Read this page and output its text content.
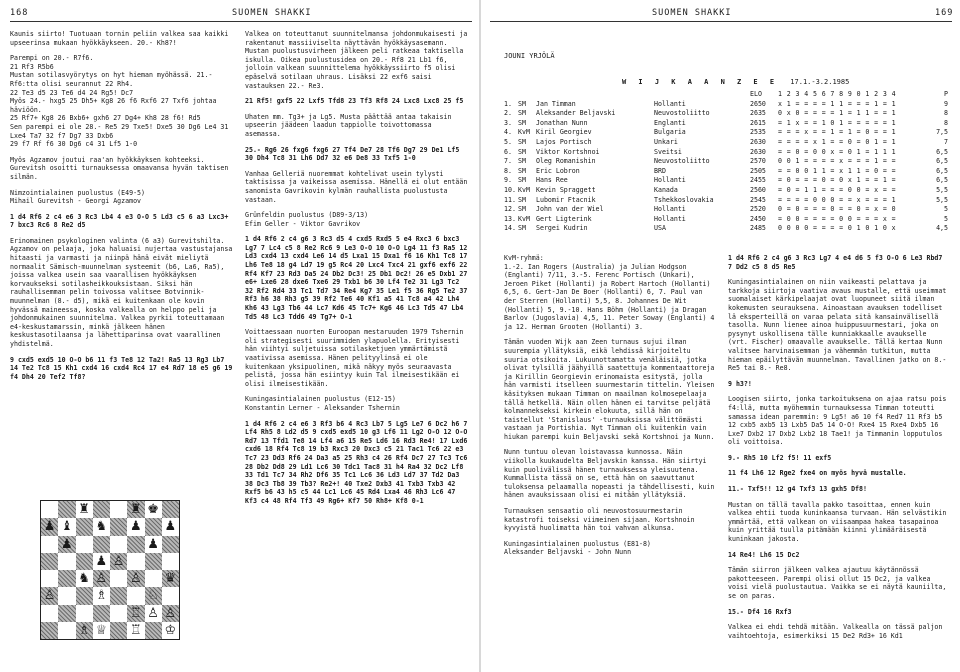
168	SUOMEN SHAKKI

Kaunis siirto! Tuotuaan tornin peliin valkea saa kaikki upseerinsa mukaan hyökkäykseen. 20.- Kh8?!

Parempi on 20.- R7f6.
21 Rf3 R5b6
Mustan sotilasvyörytys on hyt hieman myöhässä. 21.- Rf6:tta olisi seurannut 22 Rh4.
22 Te3 d5 23 Te6 d4 24 Rg5! Dc7
Myös 24.- hxg5 25 Dh5+ Kg8 26 f6 Rxf6 27 Txf6 johtaa häviöön.
25 Rf7+ Kg8 26 Bxb6+ gxh6 27 Dg4+ Kh8 28 f6! Rd5
Sen parempi ei ole 28.- Re5 29 Txe5! Dxe5 30 Dg6 Le4 31 Lxe4 Ta7 32 f7 Dg7 33 Dxb6
29 f7 Rf f6 30 Dg6 c4 31 Lf5 1-0

Myös Agzamov joutui raa'an hyökkäyksen kohteeksi. Gurevitsh osoitti turnauksessa omaavansa hyvän taktisen silmän.

Nimzointialainen puolustus (E49-5)
Mihail Gurevitsh - Georgi Agzamov

1 d4 Rf6 2 c4 e6 3 Rc3 Lb4 4 e3 O-O 5 Ld3 c5 6 a3 Lxc3+ 7 bxc3 Rc6 8 Re2 d5

Erinomainen psykologinen valinta (6 a3) Gurevitshilta. Agzamov on pelaaja, joka haluaisi nujertaa vastustajansa hitaasti ja varmasti ja niinpä hänä eivät mieliytä normaalit Sämisch-muunnelman systeemit (b6, La6, Ra5), joissa valkea usein saa vaarallisen hyökkäyksen korvaukseksi sotilasheikkouksistaan. Siksi hän rauhallisemman pelin toivossa valitsee Botvinnik-muunnelman (8.- d5), mikä ei kuitenkaan ole kovin hyvässä maineessa, koska valkealla on helppo peli ja johdonmukainen suunnitelma. Valkea pyrkii toteuttamaan e4-keskustamarssin, minkä jälkeen hänen keskustasotilaansa ja lähettiparinsa ovat vaarallinen yhdistelmä.

9 cxd5 exd5 10 O-O b6 11 f3 Te8 12 Ta2! Ra5 13 Rg3 Lb7 14 Te2 Tc8 15 Kh1 cxd4 16 cxd4 Rc4 17 e4 Rd7 18 e5 g6 19 f4 Dh4 20 Tef2 Tf8?

Valkea on toteuttanut suunnitelmansa johdonmukaisesti ja rakentanut massiiviselta näyttävän hyökkäysasemann. Mustan puolustusvirheen jälkeen peli ratkeaa taktisella iskulla. Oikea puolustusidea on 20.- Rf8 21 Lb1 f6, jolloin valkean suunnittelema hyökkäyssiirto f5 olisi epäselvä sotilaan uhraus. Lisäksi 22 exf6 saisi vastauksen 22.- Re3.

21 Rf5! gxf5 22 Lxf5 Tfd8 23 Tf3 Rf8 24 Lxc8 Lxc8 25 f5

Uhaten mm. Tg3+ ja Lg5. Musta päättää antaa takaisin upseerin jäädeen laadun tappiolle toivottomassa asemassa.

25.- Rg6 26 fxg6 fxg6 27 Tf4 De7 28 Tf6 Dg7 29 De1 Lf5 30 Dh4 Tc8 31 Lh6 Dd7 32 e6 De8 33 Txf5 1-0

Vanhaa Gelleriä nuoremmat kohtelivat usein tylysti taktisissa ja vaikeissa asemissa. Hänellä ei olut entään sanomista Gavrikovin kylmän rauhallista puolustusta vastaan.

Grünfeldin puolustus (D89-3/13)
Efim Geller - Viktor Gavrikov

1 d4 Rf6 2 c4 g6 3 Rc3 d5 4 cxd5 Rxd5 5 e4 Rxc3 6 bxc3 Lg7 7 Lc4 c5 8 Re2 Rc6 9 Le3 O-O 10 O-O Lg4 11 f3 Ra5 12 Ld3 cxd4 13 cxd4 Le6 14 d5 Lxa1 15 Dxa1 f6 16 Kh1 Tc8 17 Lh6 Te8 18 g4 Ld7 19 g5 Rc4 20 Lxc4 Txc4 21 gxf6 exf6 22 Rf4 Kf7 23 Rd3 Da5 24 Db2 Dc3! 25 Db1 Dc2! 26 e5 Dxb1 27 e6+ Lxe6 28 dxe6 Txe6 29 Txb1 b6 30 Lf4 Te2 31 Lg3 Tc2 32 Rf2 Rd4 33 Tc1 Td7 34 Re4 Kg7 35 Le1 f5 36 Rg5 Te2 37 Rf3 h6 38 Rh3 g5 39 Rf2 Te6 40 Kf1 a5 41 Tc8 a4 42 Lh4 Kh6 43 Lg3 Tb6 44 Lc7 Kd6 45 Tc7+ Kg6 46 Lc3 Td5 47 Lb4 Td5 48 Lc3 Tdd6 49 Tg7+ O-1

Voittaessaan nuorten Euroopan mestaruuden 1979 Tshernin oli strategisesti suurimmiden ylapuolella. Erityisesti hän viihtyi suljetuissa sotilasketjuen ymmärtämistä vaativissa asemissa. Hänen pelityylinsä ei ole kuitenkaan yksipuolinen, mikä näkyy myös seuraavasta pelistä, jossa hän esiintyy kuin Tal ilmeisestikään ei olisi ilmeisestikään.

Kuningasintialainen puolustus (E12-15)
Konstantin Lerner - Aleksander Tshernin

1 d4 Rf6 2 c4 e6 3 Rf3 b6 4 Rc3 Lb7 5 Lg5 Le7 6 Dc2 h6 7 Lf4 Rh5 8 Ld2 d5 9 cxd5 exd5 10 g3 Lf6 11 Lg2 O-O 12 O-O Rd7 13 Tfd1 Te8 14 Lf4 a6 15 Re5 Ld6 16 Rd3 Re4! 17 Lxd6 cxd6 18 Rf4 Tc8 19 b3 Rxc3 20 Dxc3 c5 21 Tac1 Tc6 22 e3 Tc7 23 Dd3 Rf6 24 Da3 a5 25 Rh3 c4 26 Rf4 Dc7 27 Tc3 Tc6 28 Db2 Dd8 29 Ld1 Lc6 30 Tdc1 Tac8 31 h4 Ra4 32 Dc2 Lf8 33 Td1 Tc7 34 Rh2 Df6 35 Tc1 Lc6 36 Ld3 Ld7 37 Td2 Da3 38 Dc3 Tb8 39 Tb3? Re2+! 40 Txe2 Dxb3 41 Txb3 Txb3 42 Rxf5 b6 43 h5 c5 44 Lc1 Lc6 45 Rd4 Lxa4 46 Rh3 Lc6 47 Kf3 c4 48 Rf4 Tf3 49 Rg6+ Kf7 50 Rh8+ Kf8 0-1

♜	♜ ♚
♟ ♝ ♞ ♟ ♟
♟	♟
♟ ♙
♞ ♙ ♙ ♛
♙	♗	♘
♖ ♙ ♙
♗ ♕ ♖ ♔
SUOMEN SHAKKI	169
JOUNI YRJÖLÄ
W I J K A A N Z E E 17.1.-3.2.1985
ELO	1 2 3 4 5 6 7 8 9 0 1 2 3 4	P
1. SM	Jan Timman	Hollanti	2650	x 1 = = = = 1 1 = = = 1 = 1	9
2. SM	Aleksander Beljavski	Neuvostoliitto	2635	0 x 0 = = = = 1 = 1 1 = = 1	8
3. SM	Jonathan Nunn	Englanti	2615	= 1 x = = 1 0 1 = = = = = 1	8
4. KvM Kiril Georgiev	Bulgaria	2535	= = = x = = 1 = 1 = 0 = = 1	7,5
5. SM	Lajos Portisch	Unkari	2630	= = = = x 1 = = 0 = 0 1 = 1	7
6. SM	Viktor Kortshnoi	Sveitsi	2630	= = 0 = 0 0 x = 0 1 = 1 1 1	6,5
7. SM	Oleg Romanishin	Neuvostoliitto	2570	0 0 1 = = = = x = = = 1 = =	6,5
8. SM	Eric Lobron	BRD	2505	= = 0 0 1 1 = x 1 1 = 0 = =	6,5
9. SM	Hans Ree	Hollanti	2455	= 0 = = = 0 = 0 x 1 = = 1 =	6,5
10. KvM Kevin Spraggett	Kanada	2560	= 0 = 1 1 = = = 0 0 = x = =	5,5
11. SM	Lubomir Ftacnik	Tshekkoslovakia	2545	= = = = 0 0 0 = = x = = = 1	5,5
12. SM	John van der Wiel	Hollanti	2520	0 = 0 = = = 0 = = 0 = x = 0	5
13. KvM Gert Ligterink	Hollanti	2450	= 0 0 = = = = 0 0 = = = x =	5
14. SM	Sergei Kudrin	USA	2485	0 0 0 0 = = = = 0 1 0 1 0 x	4,5

KvM-ryhmä:
1.-2. Ian Rogers (Australia) ja Julian Hodgson (Englanti) 7/11, 3.-5. Ferenc Portisch (Unkari), Jeroen Piket (Hollanti) ja Robert Hartoch (Hollanti) 6,5, 6. Gert-Jan De Boer (Hollanti) 6, 7. Paul van der Sterren (Hollanti) 5,5, 8. Johannes De Wit (Hollanti) 5, 9.-10. Hans Böhm (Hollanti) ja Dragan Barlov (Jugoslavia) 4,5, 11. Peter Soway (Englanti) 4 ja 12. Herman Grooten (Hollanti) 3.

Tämän vuoden Wijk aan Zeen turnaus sujui ilman suurempia yllätyksiä, eikä lehdissä kirjoiteltu suuria otsikoita. Lukuunottamatta venäläisiä, jotka olivat tylsillä jäähyillä saatettuja kommentaattoreja ja Kirillin Georgievin erinomaista esitystä, jolla hän varmisti itselleen suurmestarin tittelin. Yleisen käsityksen mukaan Timman on maailman kolmosepelaaja tällä hetkellä. Näin ollen hänen ei tarvitse peljätä kolmannekseksi kirkein elokuuta, sillä hän on taistellut 'Stanislaus' -turnauksissa välittömästi vastaan ja Portishia. Nyt Timman oli kuitenkin vain hiukan parempi kuin Beljavski sekä Kortshnoi ja Nunn.

Nunn tuntuu olevan loistavassa kunnossa. Näin viikolla kuukaudelta Beljavskin kanssa. Hän siirtyi kuin puolivälissä hänen turnauksessa yleisuutena. Kummallista tässä on se, että hän on saavuttanut tuloksensa pelaamalla nopeasti ja tähdellisesti, kuin hänen avauksissaan olisi ei mitään yllätyksiä.

Turnauksen sensaatio oli neuvostosuurmestarin katastrofi toiseksi viimeinen sijaan. Kortshnoin kyvyistä huolimatta hän toi vahvan alkunsa.

Kuningasintialainen puolustus (E81-8)
Aleksander Beljavski - John Nunn

1 d4 Rf6 2 c4 g6 3 Rc3 Lg7 4 e4 d6 5 f3 O-O 6 Le3 Rbd7 7 Dd2 c5 8 d5 Re5

Kuningasintialainen on niin vaikeasti pelattava ja tarkkoja siirtoja vaativa avaus mustalle, että useimmat suomalaiset kärkipelaajat ovat luopuneet siitä ilman kokemusten seurauksena. Ainoastaan avauksen todelliset lä eksperteillä on varaa pelata sitä kansainvälisellä tasolla. Nunn lienee ainoa huippusuurmestari, joka on pysynyt uskollisena tälle kunniakkaalle avaukselle (vrt. Fischer) omaavalle avaukselle. Tällä kertaa Nunn valitsee harvinaisemman ja vähemmän tutkitun, mutta hieman epäilyttävän muunnelman. Tavallinen jatko on 8.- Re5 tai 8.- Re8.

9 h3?!

Loogisen siirto, jonka tarkoituksena on ajaa ratsu pois f4:llä, mutta myöhemmin turnauksessa Timman toteutti samassa idean paremmin: 9 Lg5! a6 10 f4 Red7 11 Rf3 b5 12 cxb5 axb5 13 Lxb5 Da5 14 O-O! Rxe4 15 Rxe4 Dxb5 16 Lxe7 Dxb2 17 Dxb2 Lxb2 18 Tae1! ja Timmanin lopputulos oli voittoisa.

9.- Rh5 10 Lf2 f5! 11 exf5

11 f4 Lh6 12 Rge2 fxe4 on myös hyvä mustalle.

11.- Txf5!! 12 g4 Txf3 13 gxh5 Df8!

Mustan on tällä tavalla pakko tasoittaa, ennen kuin valkea ehtii tuoda kuninkaansa turvaan. Hän selvästikin ymmärtää, että valkean on viisaampaa hakea tasapainoa kuin yrittää tuulla pitämään kiinni ylimääräisestä kuninkaan jakosta.

14 Re4! Lh6 15 Dc2

Tämän siirron jälkeen valkea ajautuu käytännössä pakotteeseen. Parempi olisi ollut 15 Dc2, ja valkea voisi vielä puolustautua. Vaikka se ei näytä kauniilta, se on paras.

15.- Df4 16 Rxf3

Valkea ei ehdi tehdä mitään. Valkealla on tässä paljon vaihtoehtoja, esimerkiksi 15 De2 Rd3+ 16 Kd1
